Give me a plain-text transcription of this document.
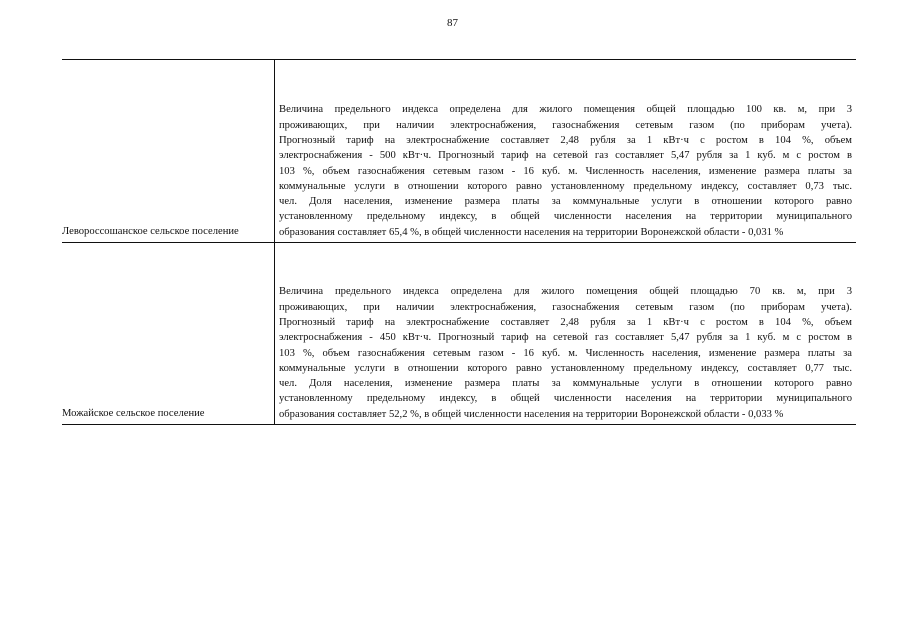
87
Левороссошанское сельское поселение
Величина предельного индекса определена для жилого помещения общей площадью 100 кв. м, при 3
проживающих, при наличии электроснабжения, газоснабжения сетевым газом (по приборам учета).
Прогнозный тариф на электроснабжение составляет 2,48 рубля за 1 кВт·ч с ростом в 104 %, объем
электроснабжения - 500 кВт·ч. Прогнозный тариф на сетевой газ составляет 5,47 рубля за 1 куб. м с ростом в
103 %, объем газоснабжения сетевым газом - 16 куб. м. Численность населения, изменение размера платы за
коммунальные услуги в отношении которого равно установленному предельному индексу, составляет 0,73 тыс.
чел. Доля населения, изменение размера платы за коммунальные услуги в отношении которого равно
установленному предельному индексу, в общей численности населения на территории муниципального
образования составляет 65,4 %, в общей численности населения на территории Воронежской области - 0,031 %
Можайское сельское поселение
Величина предельного индекса определена для жилого помещения общей площадью 70 кв. м, при 3
проживающих, при наличии электроснабжения, газоснабжения сетевым газом (по приборам учета).
Прогнозный тариф на электроснабжение составляет 2,48 рубля за 1 кВт·ч с ростом в 104 %, объем
электроснабжения - 450 кВт·ч. Прогнозный тариф на сетевой газ составляет 5,47 рубля за 1 куб. м с ростом в
103 %, объем газоснабжения сетевым газом - 16 куб. м. Численность населения, изменение размера платы за
коммунальные услуги в отношении которого равно установленному предельному индексу, составляет 0,77 тыс.
чел. Доля населения, изменение размера платы за коммунальные услуги в отношении которого равно
установленному предельному индексу, в общей численности населения на территории муниципального
образования составляет 52,2 %, в общей численности населения на территории Воронежской области - 0,033 %
